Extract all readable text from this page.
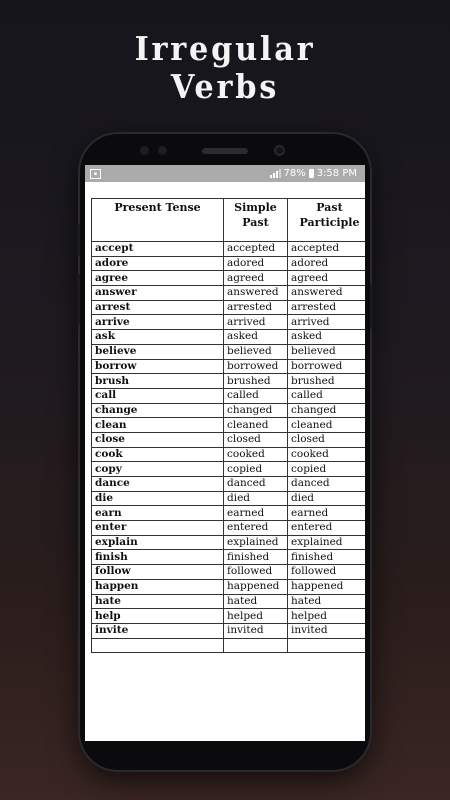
Irregular
Verbs
▪	78% 3:58 PM
Present Tense	Simple Past	Past Participle
accept	accepted	accepted
adore	adored	adored
agree	agreed	agreed
answer	answered	answered
arrest	arrested	arrested
arrive	arrived	arrived
ask	asked	asked
believe	believed	believed
borrow	borrowed	borrowed
brush	brushed	brushed
call	called	called
change	changed	changed
clean	cleaned	cleaned
close	closed	closed
cook	cooked	cooked
copy	copied	copied
dance	danced	danced
die	died	died
earn	earned	earned
enter	entered	entered
explain	explained	explained
finish	finished	finished
follow	followed	followed
happen	happened	happened
hate	hated	hated
help	helped	helped
invite	invited	invited
